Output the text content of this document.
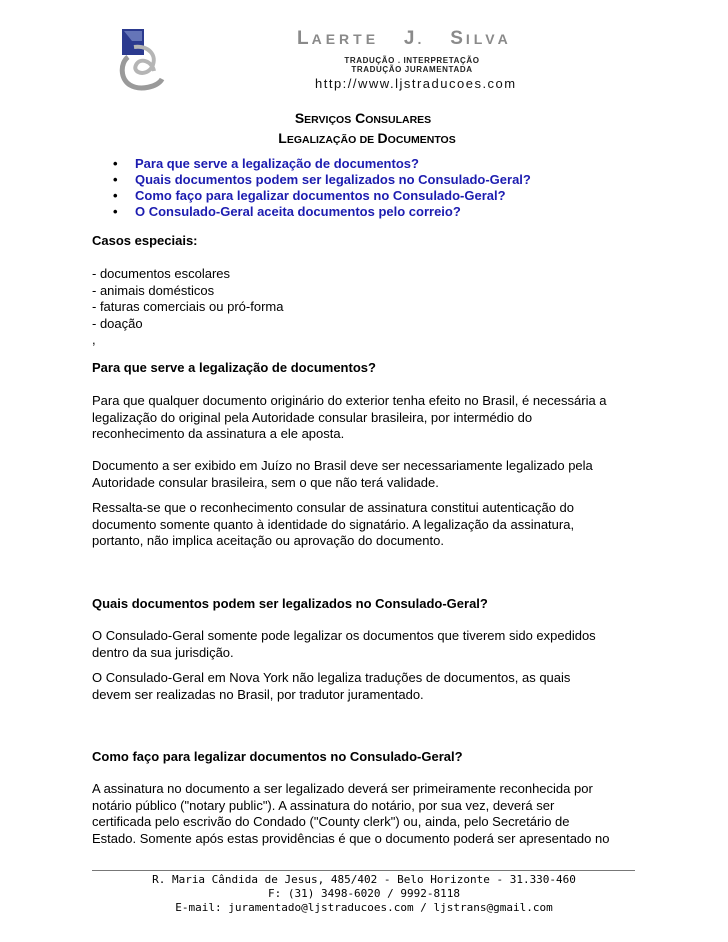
LAERTE J. SILVA
TRADUÇÃO . INTERPRETAÇÃO
TRADUÇÃO JURAMENTADA
http://www.ljstraducoes.com
SERVIÇOS CONSULARES
LEGALIZAÇÃO DE DOCUMENTOS
• Para que serve a legalização de documentos?
• Quais documentos podem ser legalizados no Consulado-Geral?
• Como faço para legalizar documentos no Consulado-Geral?
• O Consulado-Geral aceita documentos pelo correio?
Casos especiais:
- documentos escolares
- animais domésticos
- faturas comerciais ou pró-forma
- doação
,
Para que serve a legalização de documentos?
Para que qualquer documento originário do exterior tenha efeito no Brasil, é necessária a
legalização do original pela Autoridade consular brasileira, por intermédio do
reconhecimento da assinatura a ele aposta.
Documento a ser exibido em Juízo no Brasil deve ser necessariamente legalizado pela
Autoridade consular brasileira, sem o que não terá validade.
Ressalta-se que o reconhecimento consular de assinatura constitui autenticação do
documento somente quanto à identidade do signatário. A legalização da assinatura,
portanto, não implica aceitação ou aprovação do documento.
Quais documentos podem ser legalizados no Consulado-Geral?
O Consulado-Geral somente pode legalizar os documentos que tiverem sido expedidos
dentro da sua jurisdição.
O Consulado-Geral em Nova York não legaliza traduções de documentos, as quais
devem ser realizadas no Brasil, por tradutor juramentado.
Como faço para legalizar documentos no Consulado-Geral?
A assinatura no documento a ser legalizado deverá ser primeiramente reconhecida por
notário público ("notary public"). A assinatura do notário, por sua vez, deverá ser
certificada pelo escrivão do Condado ("County clerk") ou, ainda, pelo Secretário de
Estado. Somente após estas providências é que o documento poderá ser apresentado no
R. Maria Cândida de Jesus, 485/402 - Belo Horizonte - 31.330-460
F: (31) 3498-6020 / 9992-8118
E-mail: juramentado@ljstraducoes.com / ljstrans@gmail.com
